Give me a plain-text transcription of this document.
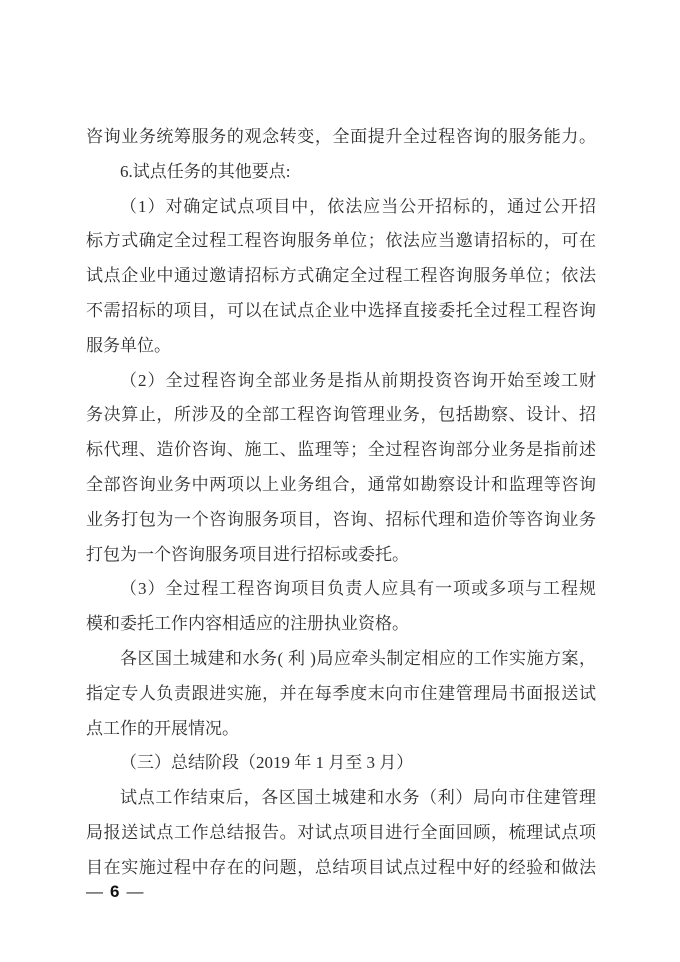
咨询业务统筹服务的观念转变，全面提升全过程咨询的服务能力。
6.试点任务的其他要点:
（1）对确定试点项目中，依法应当公开招标的，通过公开招
标方式确定全过程工程咨询服务单位；依法应当邀请招标的，可在
试点企业中通过邀请招标方式确定全过程工程咨询服务单位；依法
不需招标的项目，可以在试点企业中选择直接委托全过程工程咨询
服务单位。
（2）全过程咨询全部业务是指从前期投资咨询开始至竣工财
务决算止，所涉及的全部工程咨询管理业务，包括勘察、设计、招
标代理、造价咨询、施工、监理等；全过程咨询部分业务是指前述
全部咨询业务中两项以上业务组合，通常如勘察设计和监理等咨询
业务打包为一个咨询服务项目，咨询、招标代理和造价等咨询业务
打包为一个咨询服务项目进行招标或委托。
（3）全过程工程咨询项目负责人应具有一项或多项与工程规
模和委托工作内容相适应的注册执业资格。
各区国土城建和水务( 利 )局应牵头制定相应的工作实施方案，
指定专人负责跟进实施，并在每季度末向市住建管理局书面报送试
点工作的开展情况。
（三）总结阶段（2019 年 1 月至 3 月）
试点工作结束后，各区国土城建和水务（利）局向市住建管理
局报送试点工作总结报告。对试点项目进行全面回顾，梳理试点项
目在实施过程中存在的问题，总结项目试点过程中好的经验和做法
— 6 —
